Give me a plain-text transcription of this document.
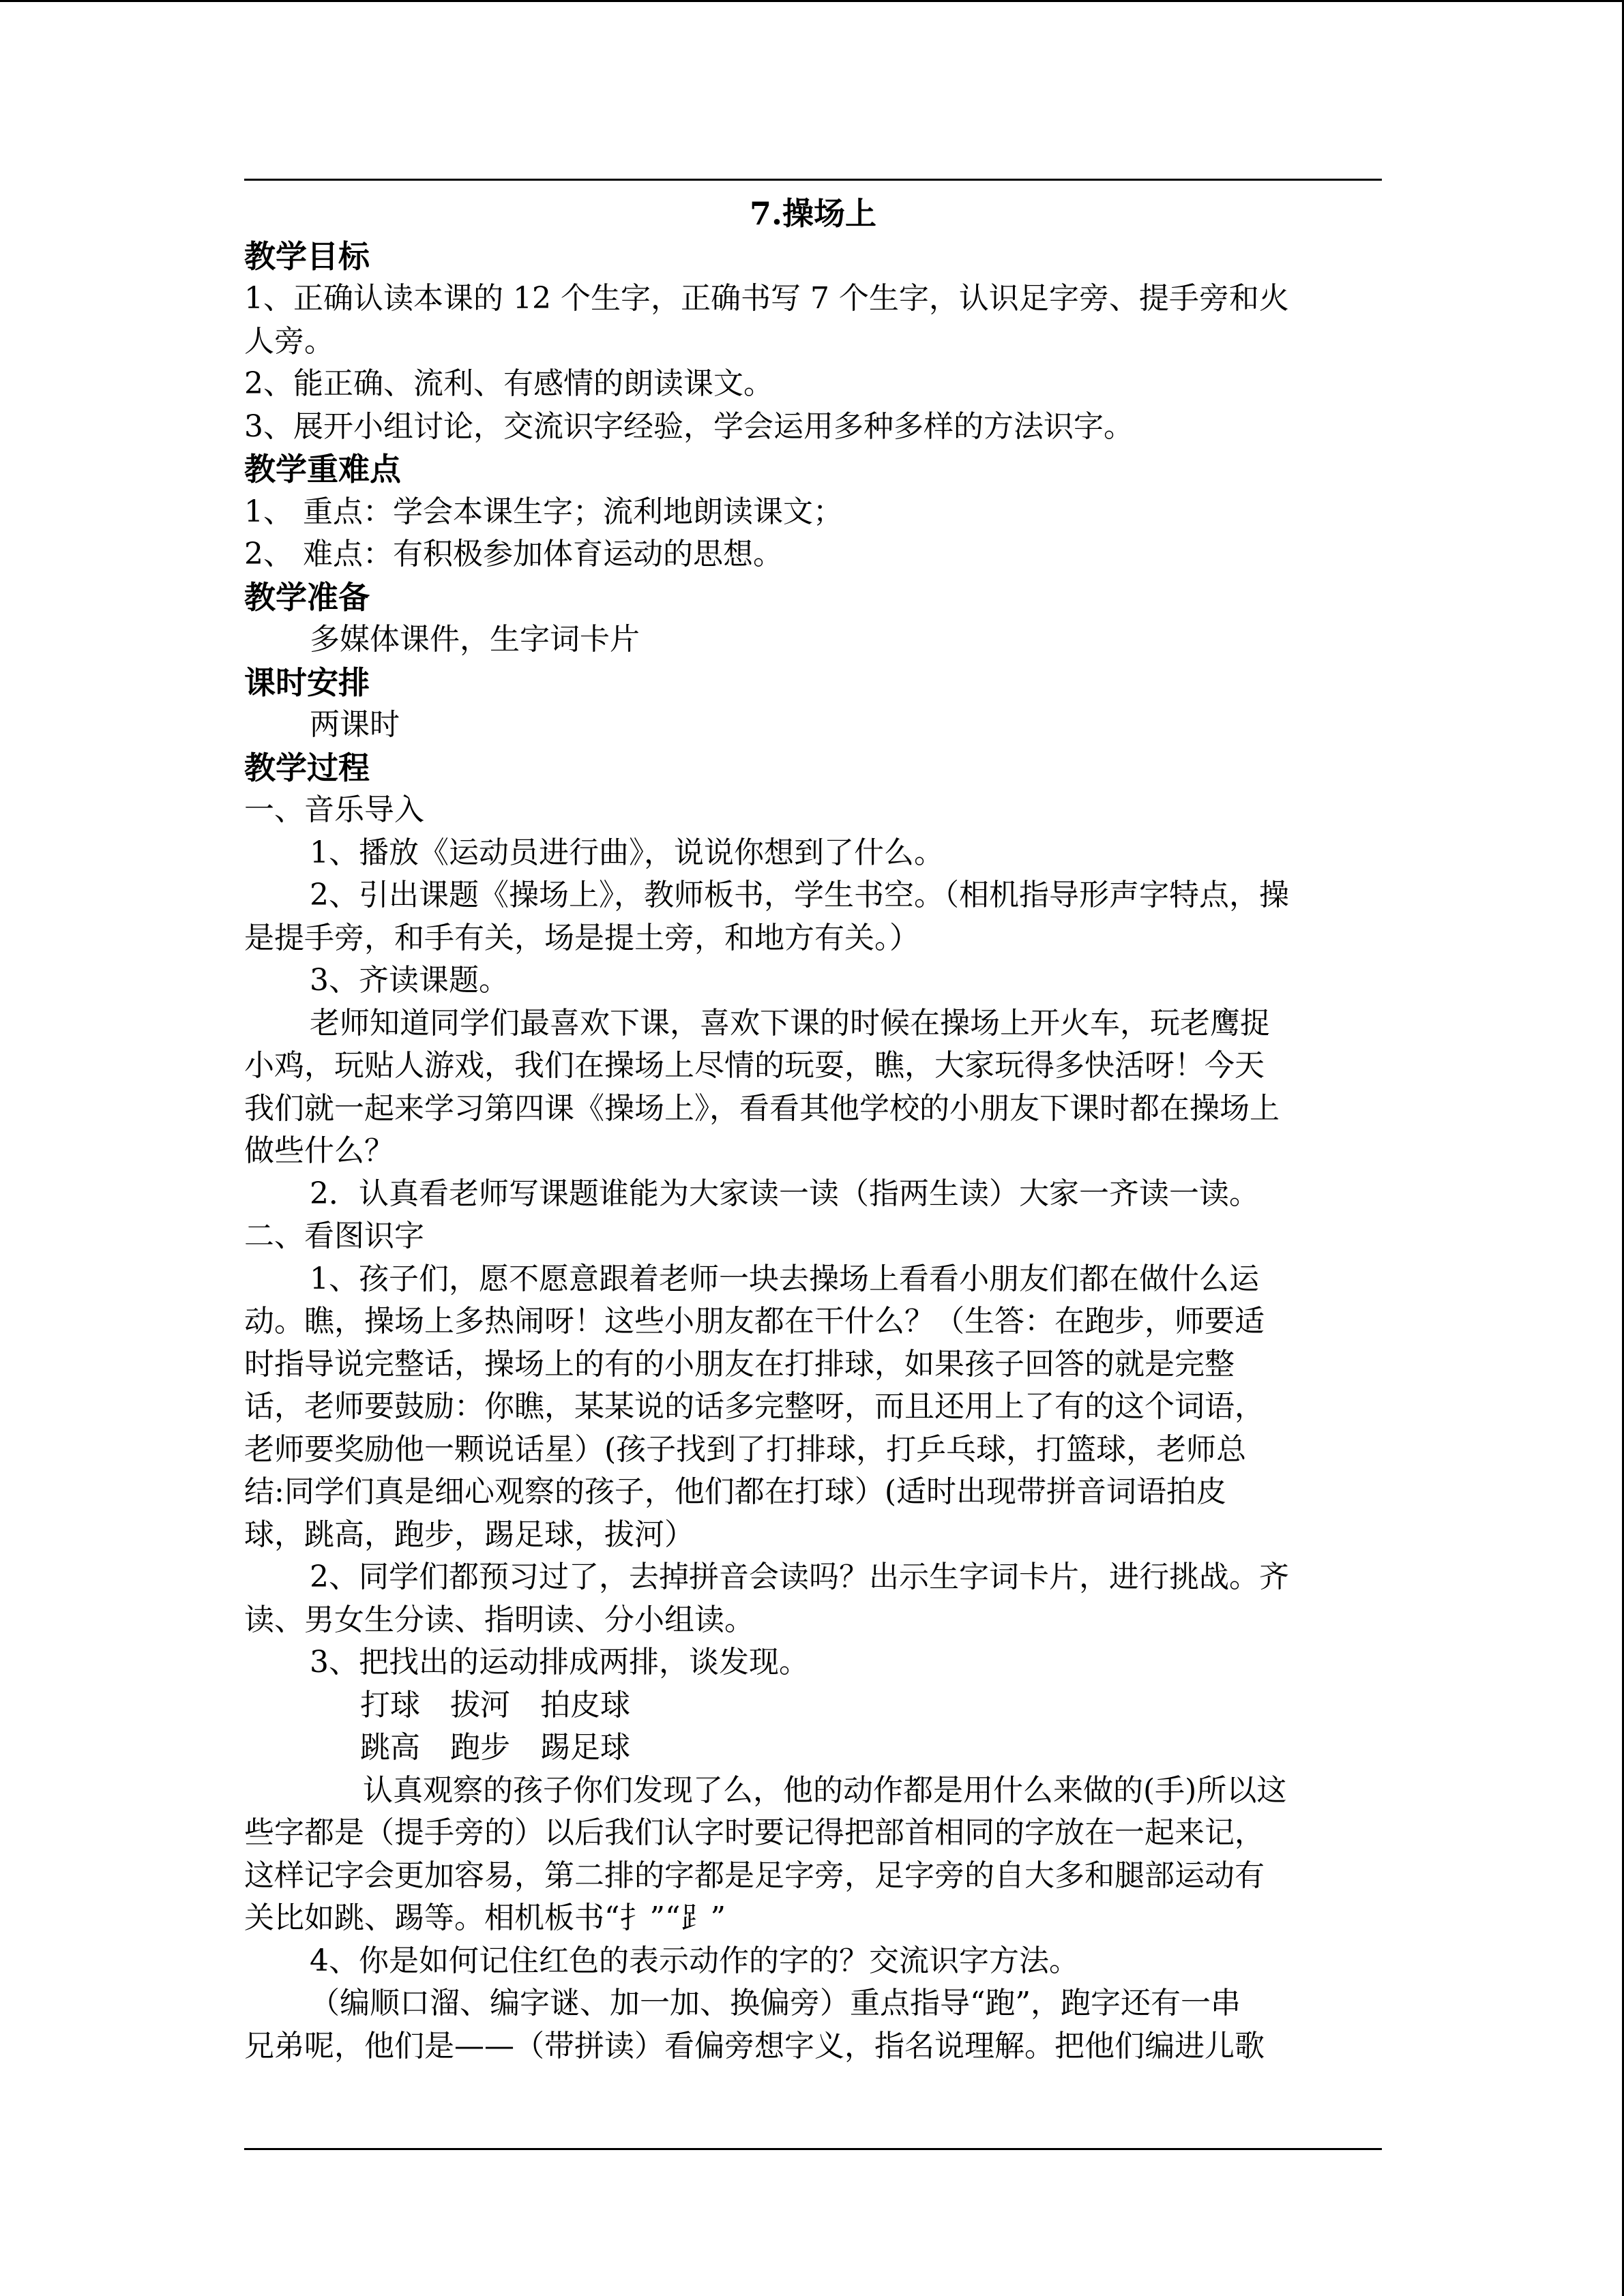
7.操场上
教学目标
1、正确认读本课的 12 个生字，正确书写 7 个生字，认识足字旁、提手旁和火
人旁。
2、能正确、流利、有感情的朗读课文。
3、展开小组讨论，交流识字经验，学会运用多种多样的方法识字。
教学重难点
1、 重点：学会本课生字；流利地朗读课文；
2、 难点：有积极参加体育运动的思想。
教学准备
多媒体课件，生字词卡片
课时安排
两课时
教学过程
一、音乐导入
1、播放《运动员进行曲》，说说你想到了什么。
2、引出课题《操场上》，教师板书，学生书空。（相机指导形声字特点，操
是提手旁，和手有关，场是提土旁，和地方有关。）
3、齐读课题。
老师知道同学们最喜欢下课，喜欢下课的时候在操场上开火车，玩老鹰捉
小鸡，玩贴人游戏，我们在操场上尽情的玩耍，瞧，大家玩得多快活呀！今天
我们就一起来学习第四课《操场上》，看看其他学校的小朋友下课时都在操场上
做些什么？
2．认真看老师写课题谁能为大家读一读（指两生读）大家一齐读一读。
二、看图识字
1、孩子们，愿不愿意跟着老师一块去操场上看看小朋友们都在做什么运
动。瞧，操场上多热闹呀！这些小朋友都在干什么？（生答：在跑步，师要适
时指导说完整话，操场上的有的小朋友在打排球，如果孩子回答的就是完整
话，老师要鼓励：你瞧，某某说的话多完整呀，而且还用上了有的这个词语，
老师要奖励他一颗说话星）(孩子找到了打排球，打乒乓球，打篮球，老师总
结:同学们真是细心观察的孩子，他们都在打球）(适时出现带拼音词语拍皮
球，跳高，跑步，踢足球，拔河）
2、同学们都预习过了，去掉拼音会读吗？出示生字词卡片，进行挑战。齐
读、男女生分读、指明读、分小组读。
3、把找出的运动排成两排，谈发现。
打球　拔河　拍皮球
跳高　跑步　踢足球
认真观察的孩子你们发现了么，他的动作都是用什么来做的(手)所以这
些字都是（提手旁的）以后我们认字时要记得把部首相同的字放在一起来记，
这样记字会更加容易，第二排的字都是足字旁，足字旁的自大多和腿部运动有
关比如跳、踢等。相机板书“扌”“⻊”
4、你是如何记住红色的表示动作的字的？交流识字方法。
（编顺口溜、编字谜、加一加、换偏旁）重点指导“跑”，跑字还有一串
兄弟呢，他们是——（带拼读）看偏旁想字义，指名说理解。把他们编进儿歌
